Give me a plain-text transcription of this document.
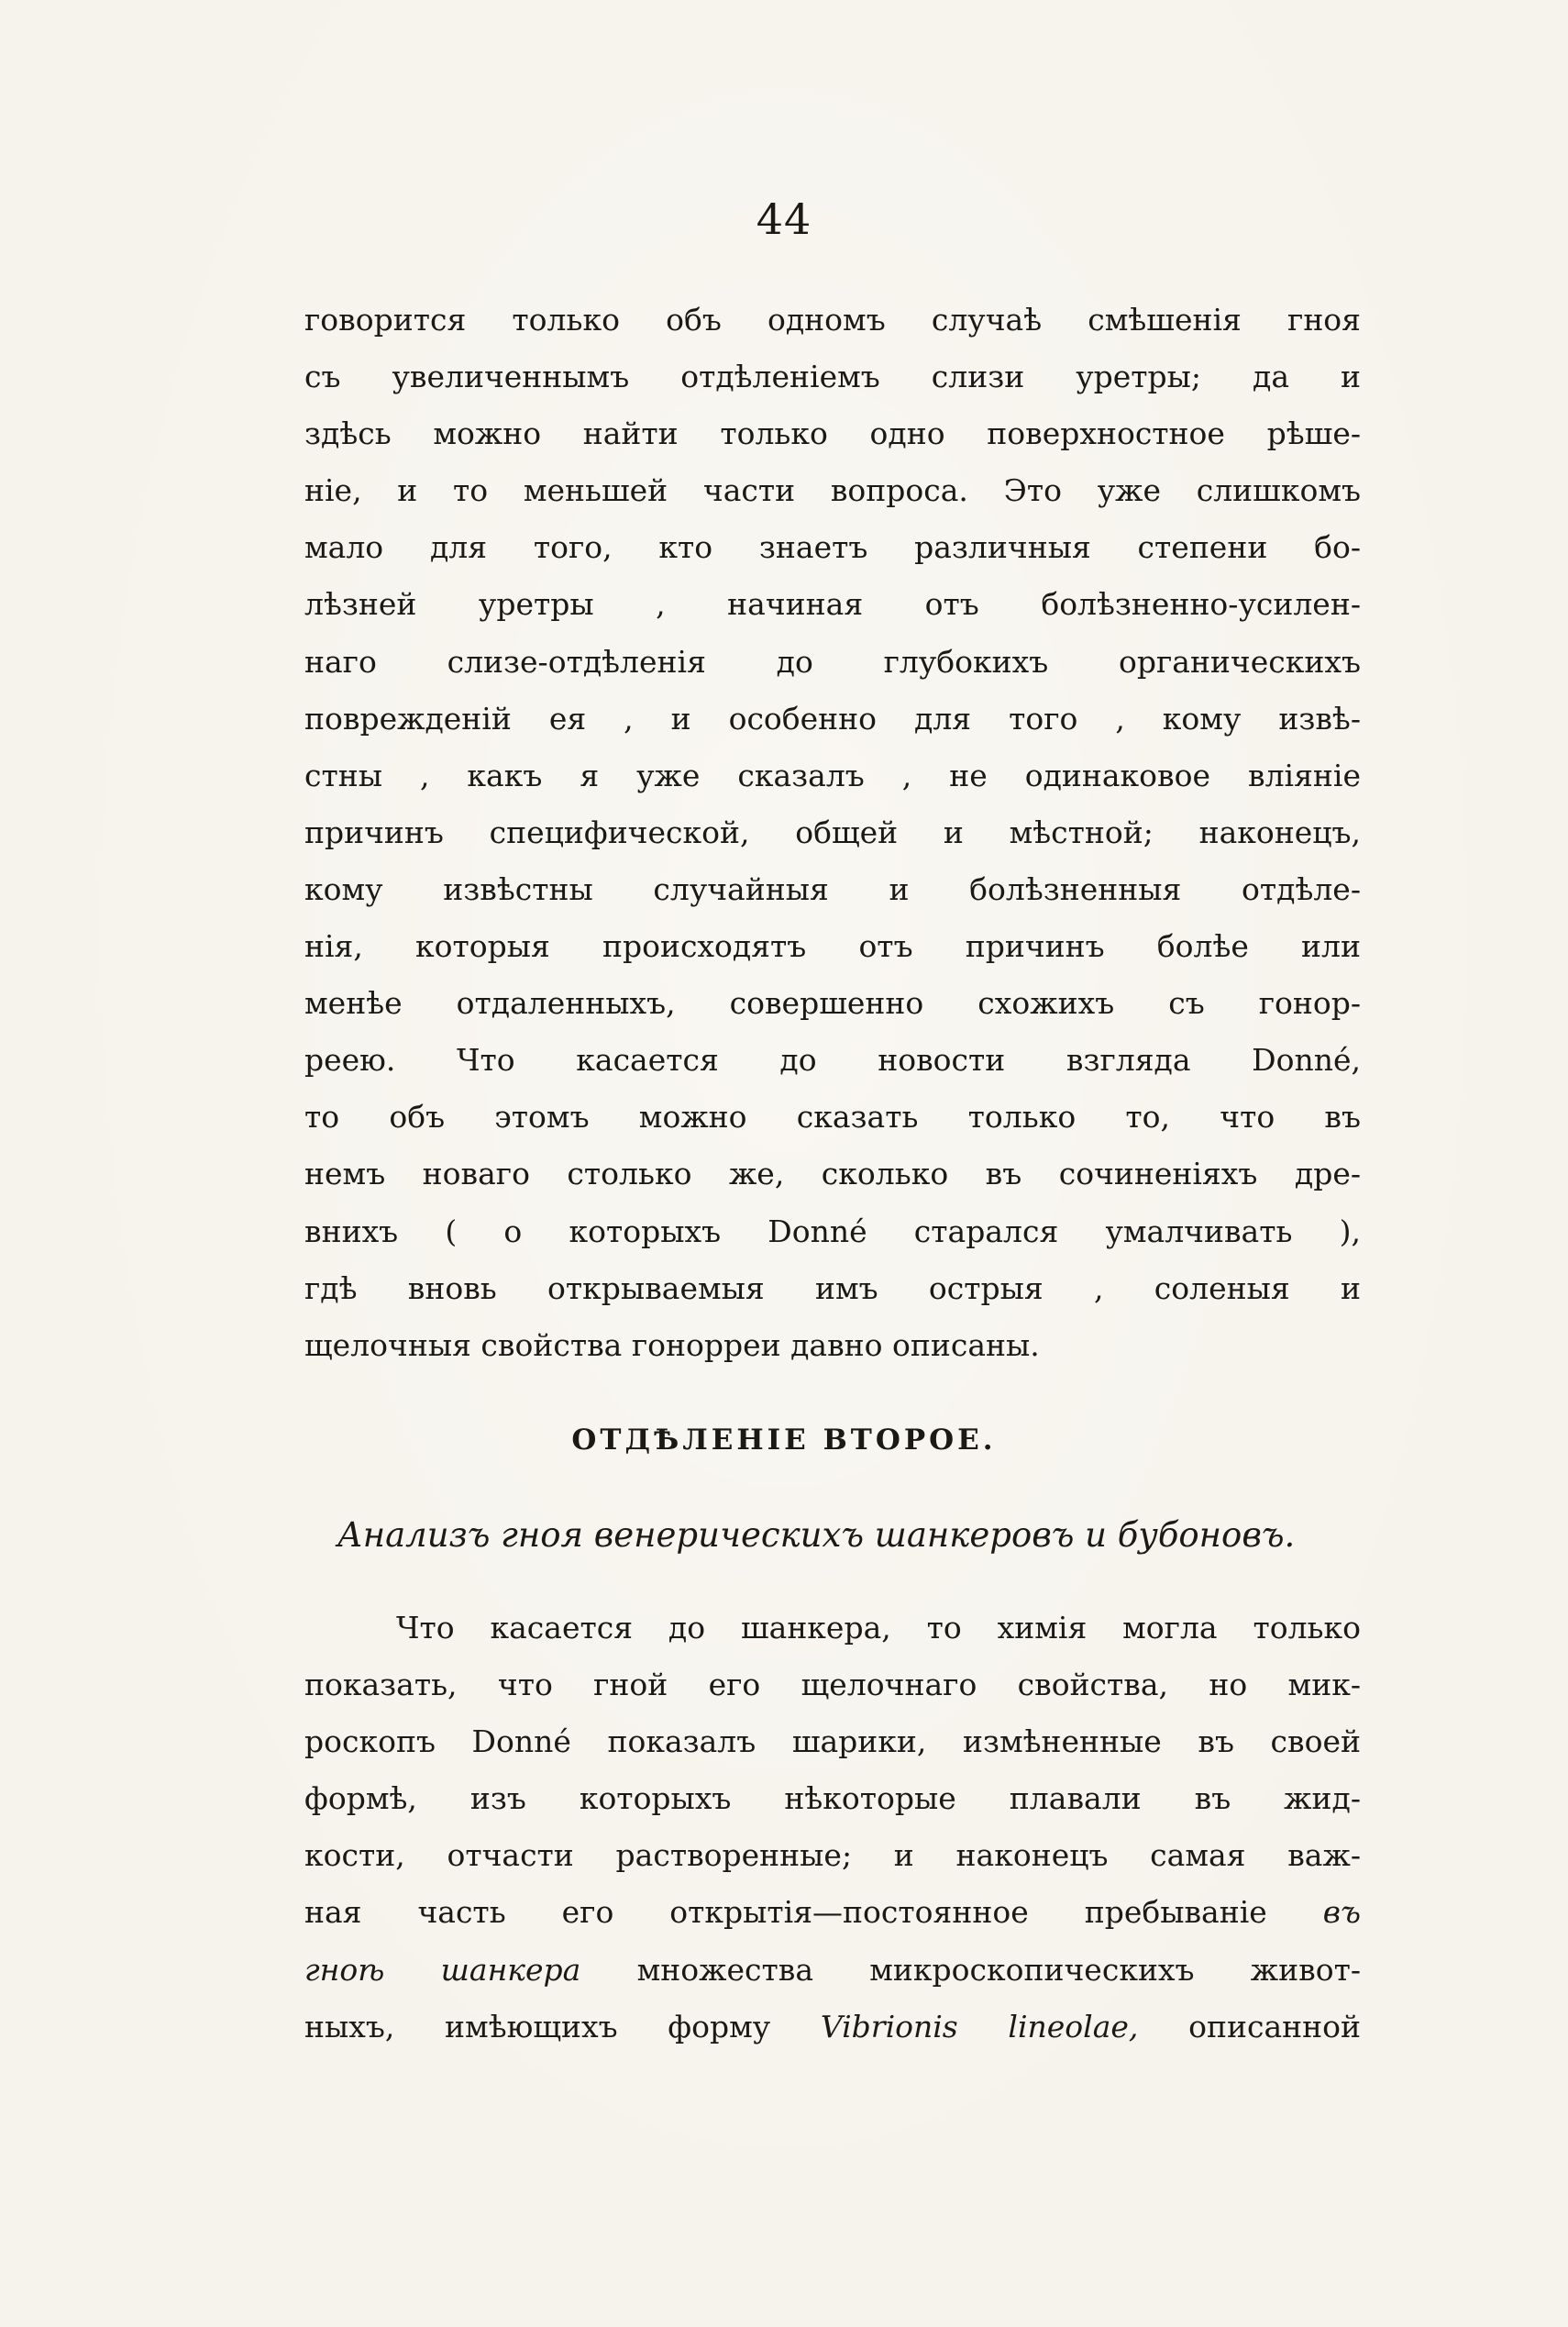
44
говорится только объ одномъ случаѣ смѣшенія гноя
съ увеличеннымъ отдѣленіемъ слизи уретры; да и
здѣсь можно найти только одно поверхностное рѣше-
ніе, и то меньшей части вопроса. Это уже слишкомъ
мало для того, кто знаетъ различныя степени бо-
лѣзней уретры , начиная отъ болѣзненно-усилен-
наго слизе-отдѣленія до глубокихъ органическихъ
поврежденій ея , и особенно для того , кому извѣ-
стны , какъ я уже сказалъ , не одинаковое вліяніе
причинъ специфической, общей и мѣстной; наконецъ,
кому извѣстны случайныя и болѣзненныя отдѣле-
нія, которыя происходятъ отъ причинъ болѣе или
менѣе отдаленныхъ, совершенно схожихъ съ гонор-
реею. Что касается до новости взгляда Donné,
то объ этомъ можно сказать только то, что въ
немъ новаго столько же, сколько въ сочиненіяхъ дре-
внихъ ( о которыхъ Donné старался умалчивать ),
гдѣ вновь открываемыя имъ острыя , соленыя и
щелочныя свойства гонорреи давно описаны.
ОТДѢЛЕНІЕ ВТОРОЕ.
Анализъ гноя венерическихъ шанкеровъ и бубоновъ.
Что касается до шанкера, то химія могла только
показать, что гной его щелочнаго свойства, но мик-
роскопъ Donné показалъ шарики, измѣненные въ своей
формѣ, изъ которыхъ нѣкоторые плавали въ жид-
кости, отчасти растворенные; и наконецъ самая важ-
ная часть его открытія—постоянное пребываніе въ
гноѣ шанкера множества микроскопическихъ живот-
ныхъ, имѣющихъ форму Vibrionis lineolae, описанной
